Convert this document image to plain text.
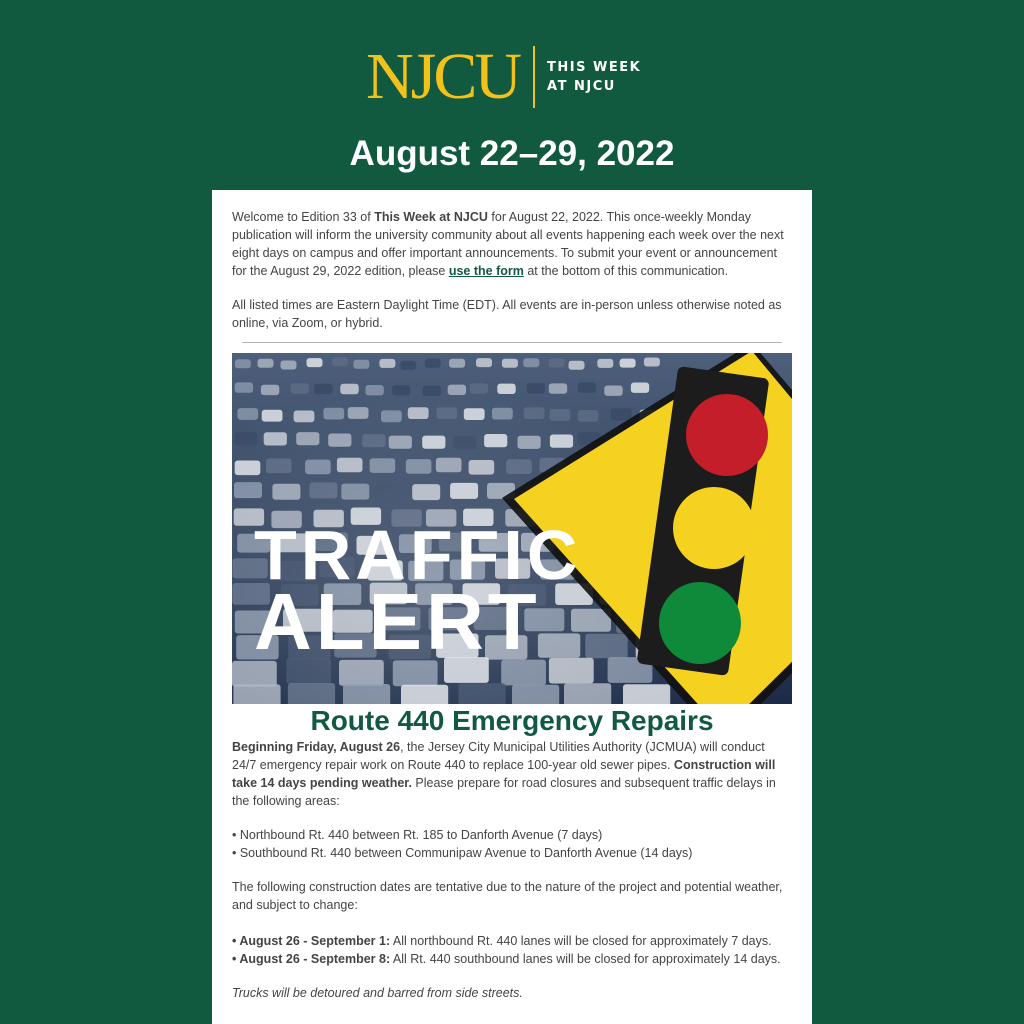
NJCU THIS WEEK
AT NJCU
August 22–29, 2022

Welcome to Edition 33 of This Week at NJCU for August 22, 2022. This once-weekly Monday publication will inform the university community about all events happening each week over the next eight days on campus and offer important announcements. To submit your event or announcement for the August 29, 2022 edition, please use the form at the bottom of this communication.

All listed times are Eastern Daylight Time (EDT). All events are in-person unless otherwise noted as online, via Zoom, or hybrid.

TRAFFIC
ALERT
Route 440 Emergency Repairs

Beginning Friday, August 26, the Jersey City Municipal Utilities Authority (JCMUA) will conduct 24/7 emergency repair work on Route 440 to replace 100-year old sewer pipes. Construction will take 14 days pending weather. Please prepare for road closures and subsequent traffic delays in the following areas:

• Northbound Rt. 440 between Rt. 185 to Danforth Avenue (7 days)
• Southbound Rt. 440 between Communipaw Avenue to Danforth Avenue (14 days)

The following construction dates are tentative due to the nature of the project and potential weather, and subject to change:

• August 26 - September 1: All northbound Rt. 440 lanes will be closed for approximately 7 days.
• August 26 - September 8: All Rt. 440 southbound lanes will be closed for approximately 14 days.

Trucks will be detoured and barred from side streets.
